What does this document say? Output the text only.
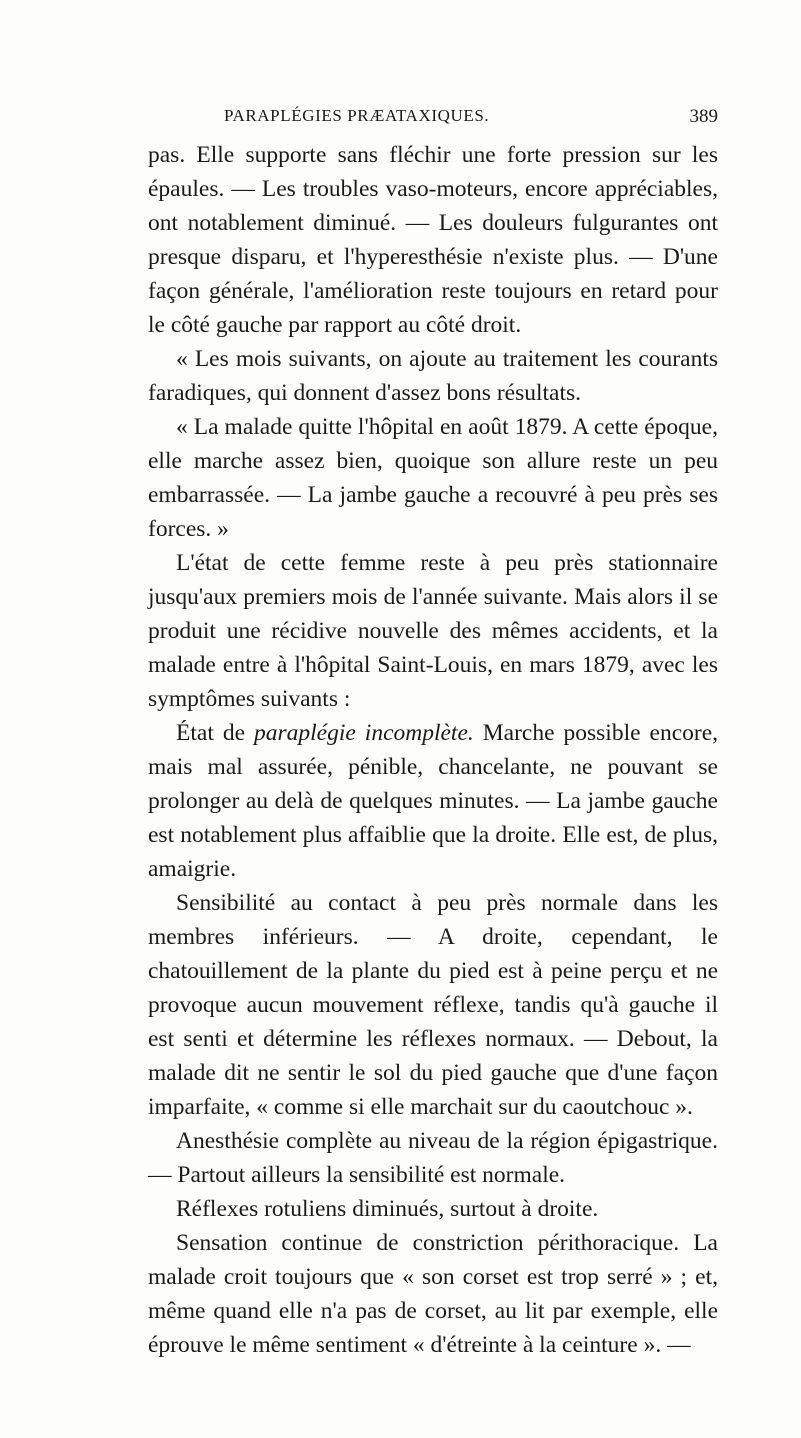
PARAPLÉGIES PRÆATAXIQUES.	389

pas. Elle supporte sans fléchir une forte pression sur les épaules. — Les troubles vaso-moteurs, encore appréciables, ont notablement diminué. — Les douleurs fulgurantes ont presque disparu, et l'hyperesthésie n'existe plus. — D'une façon générale, l'amélioration reste toujours en retard pour le côté gauche par rapport au côté droit.

« Les mois suivants, on ajoute au traitement les courants faradiques, qui donnent d'assez bons résultats.

« La malade quitte l'hôpital en août 1879. A cette époque, elle marche assez bien, quoique son allure reste un peu embarrassée. — La jambe gauche a recouvré à peu près ses forces. »

L'état de cette femme reste à peu près stationnaire jusqu'aux premiers mois de l'année suivante. Mais alors il se produit une récidive nouvelle des mêmes accidents, et la malade entre à l'hôpital Saint-Louis, en mars 1879, avec les symptômes suivants :

État de paraplégie incomplète. Marche possible encore, mais mal assurée, pénible, chancelante, ne pouvant se prolonger au delà de quelques minutes. — La jambe gauche est notablement plus affaiblie que la droite. Elle est, de plus, amaigrie.

Sensibilité au contact à peu près normale dans les membres inférieurs. — A droite, cependant, le chatouillement de la plante du pied est à peine perçu et ne provoque aucun mouvement réflexe, tandis qu'à gauche il est senti et détermine les réflexes normaux. — Debout, la malade dit ne sentir le sol du pied gauche que d'une façon imparfaite, « comme si elle marchait sur du caoutchouc ».

Anesthésie complète au niveau de la région épigastrique. — Partout ailleurs la sensibilité est normale.

Réflexes rotuliens diminués, surtout à droite.

Sensation continue de constriction périthoracique. La malade croit toujours que « son corset est trop serré » ; et, même quand elle n'a pas de corset, au lit par exemple, elle éprouve le même sentiment « d'étreinte à la ceinture ». —
